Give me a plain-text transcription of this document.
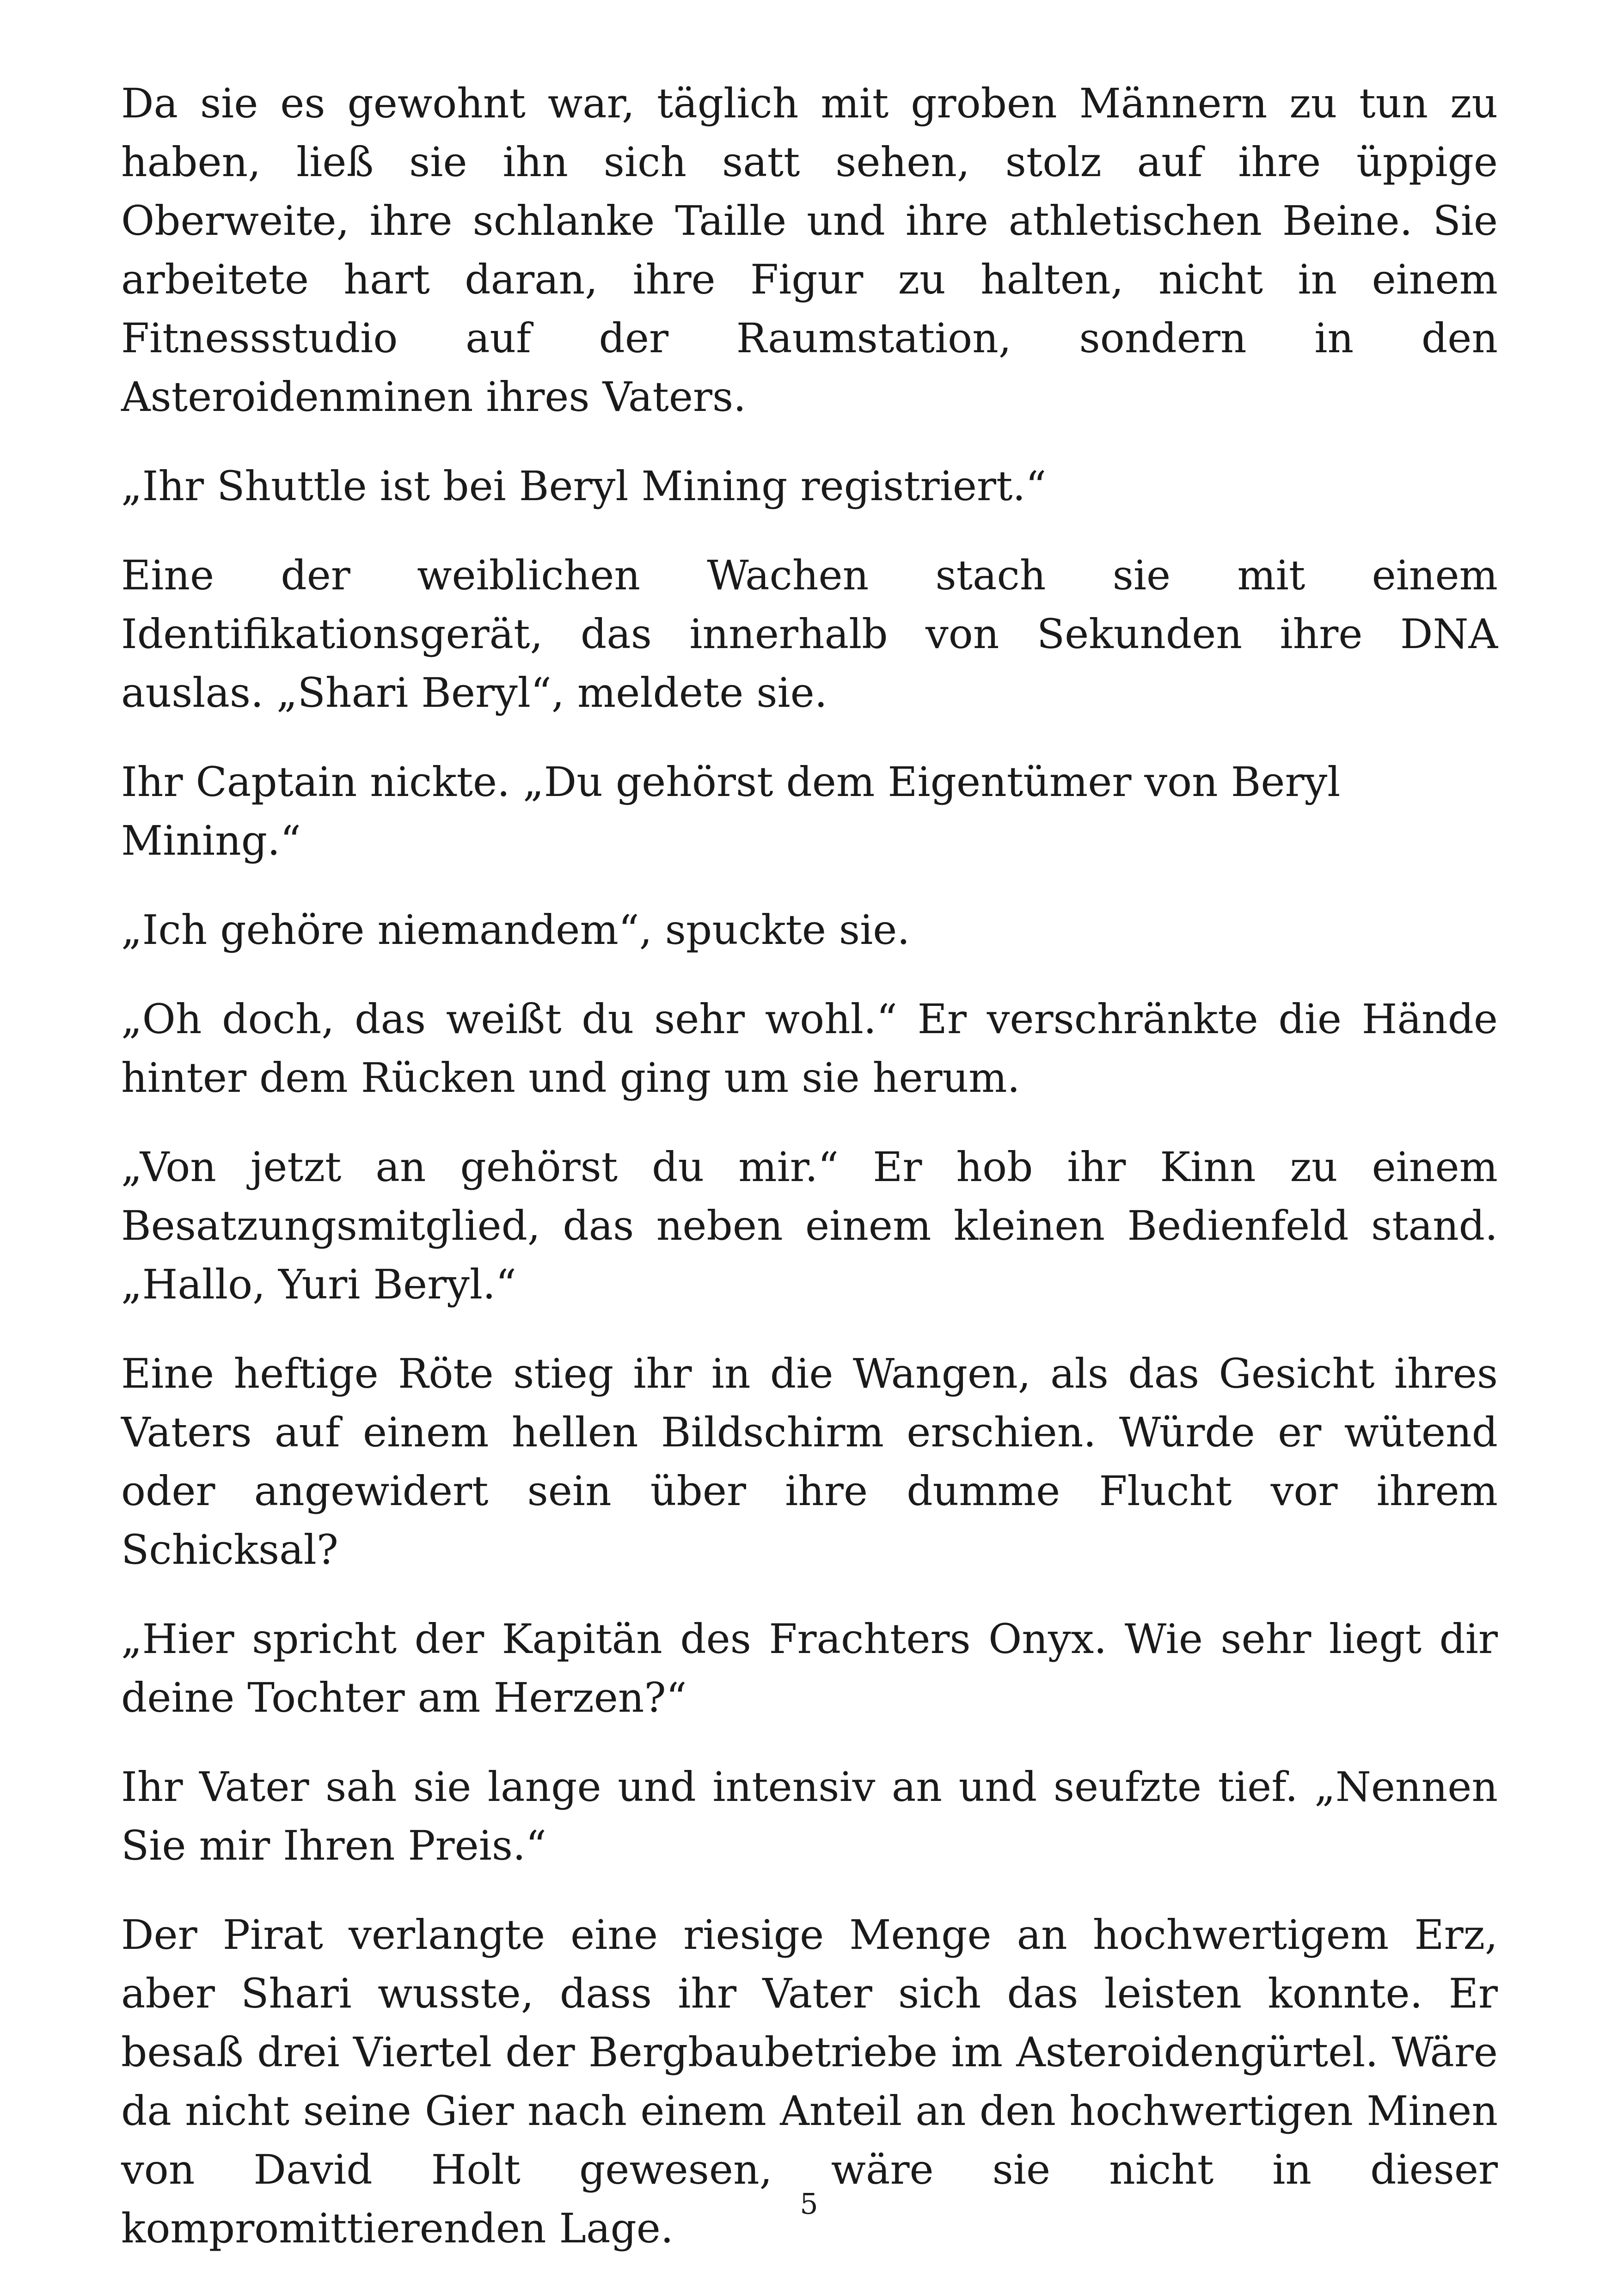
Da sie es gewohnt war, täglich mit groben Männern zu tun zu haben, ließ sie ihn sich satt sehen, stolz auf ihre üppige Oberweite, ihre schlanke Taille und ihre athletischen Beine. Sie arbeitete hart daran, ihre Figur zu halten, nicht in einem Fitnessstudio auf der Raumstation, sondern in den Asteroidenminen ihres Vaters.

„Ihr Shuttle ist bei Beryl Mining registriert.“

Eine der weiblichen Wachen stach sie mit einem Identifikationsgerät, das innerhalb von Sekunden ihre DNA auslas. „Shari Beryl“, meldete sie.

Ihr Captain nickte. „Du gehörst dem Eigentümer von Beryl Mining.“

„Ich gehöre niemandem“, spuckte sie.

„Oh doch, das weißt du sehr wohl.“ Er verschränkte die Hände hinter dem Rücken und ging um sie herum.

„Von jetzt an gehörst du mir.“ Er hob ihr Kinn zu einem Besatzungsmitglied, das neben einem kleinen Bedienfeld stand. „Hallo, Yuri Beryl.“

Eine heftige Röte stieg ihr in die Wangen, als das Gesicht ihres Vaters auf einem hellen Bildschirm erschien. Würde er wütend oder angewidert sein über ihre dumme Flucht vor ihrem Schicksal?

„Hier spricht der Kapitän des Frachters Onyx. Wie sehr liegt dir deine Tochter am Herzen?“

Ihr Vater sah sie lange und intensiv an und seufzte tief. „Nennen Sie mir Ihren Preis.“

Der Pirat verlangte eine riesige Menge an hochwertigem Erz, aber Shari wusste, dass ihr Vater sich das leisten konnte. Er besaß drei Viertel der Bergbaubetriebe im Asteroidengürtel. Wäre da nicht seine Gier nach einem Anteil an den hochwertigen Minen von David Holt gewesen, wäre sie nicht in dieser kompromittierenden Lage.

5
